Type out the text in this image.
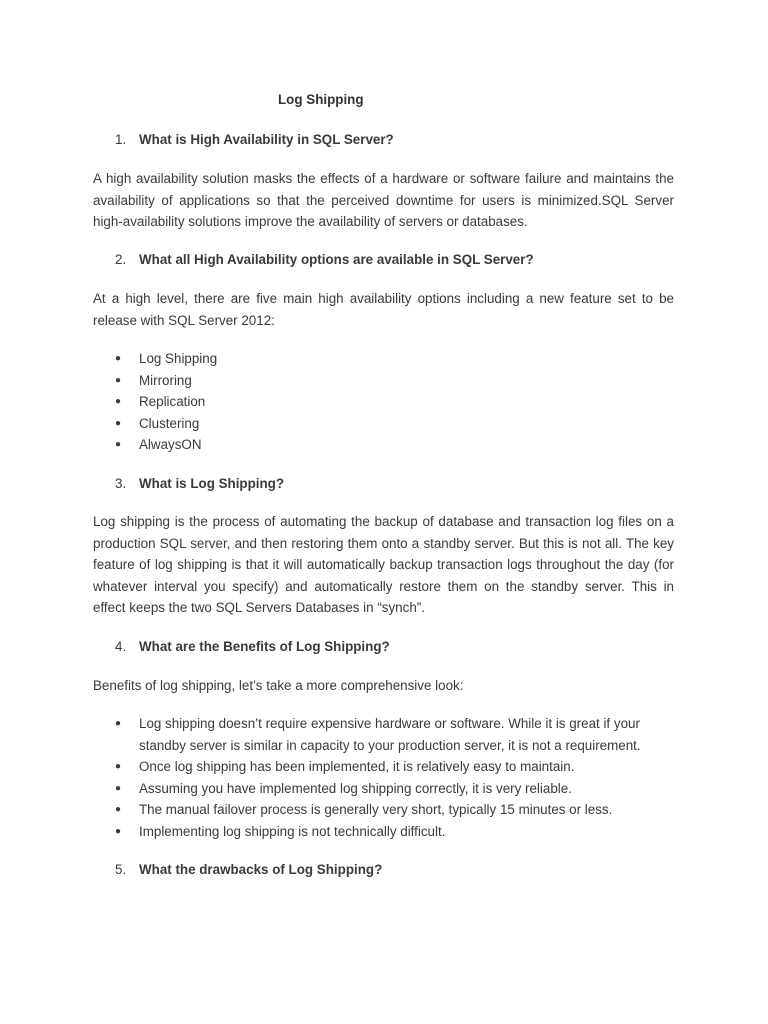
Log Shipping
1. What is High Availability in SQL Server?

A high availability solution masks the effects of a hardware or software failure and maintains the

availability of applications so that the perceived downtime for users is minimized.SQL Server

high-availability solutions improve the availability of servers or databases.

2. What all High Availability options are available in SQL Server?

At a high level, there are five main high availability options including a new feature set to be

release with SQL Server 2012:

● Log Shipping
● Mirroring
● Replication
● Clustering
● AlwaysON
3. What is Log Shipping?

Log shipping is the process of automating the backup of database and transaction log files on a

production SQL server, and then restoring them onto a standby server. But this is not all. The key

feature of log shipping is that it will automatically backup transaction logs throughout the day (for

whatever interval you specify) and automatically restore them on the standby server. This in

effect keeps the two SQL Servers Databases in “synch”.

4. What are the Benefits of Log Shipping?

Benefits of log shipping, let’s take a more comprehensive look:

● Log shipping doesn’t require expensive hardware or software. While it is great if your
standby server is similar in capacity to your production server, it is not a requirement.
● Once log shipping has been implemented, it is relatively easy to maintain.
● Assuming you have implemented log shipping correctly, it is very reliable.
● The manual failover process is generally very short, typically 15 minutes or less.
● Implementing log shipping is not technically difficult.
5. What the drawbacks of Log Shipping?
